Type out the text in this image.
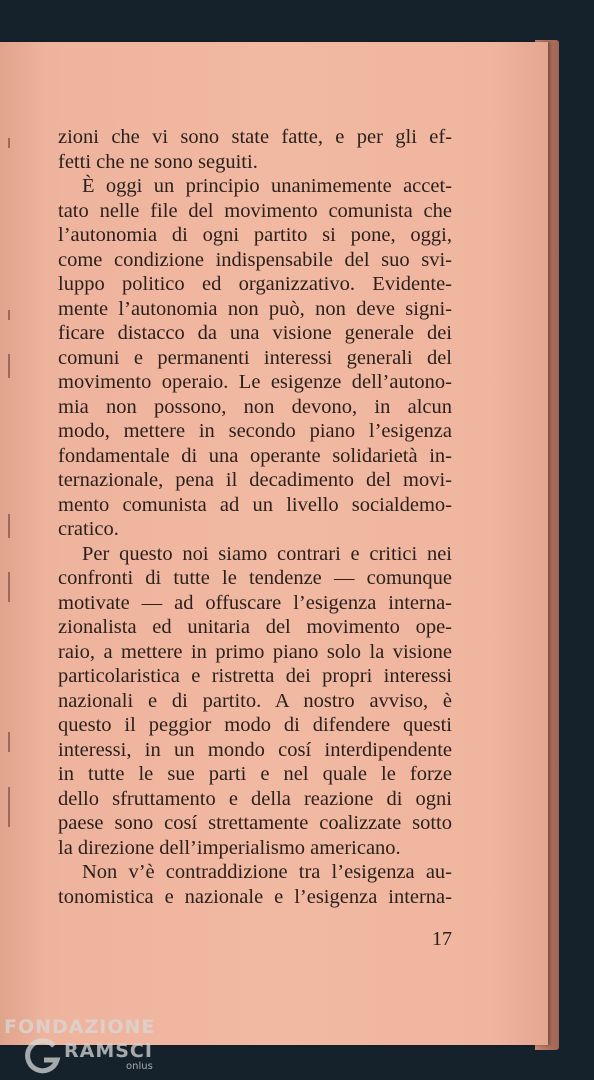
zioni che vi sono state fatte, e per gli ef-
fetti che ne sono seguiti.
È oggi un principio unanimemente accet-
tato nelle file del movimento comunista che
l’autonomia di ogni partito si pone, oggi,
come condizione indispensabile del suo svi-
luppo politico ed organizzativo. Evidente-
mente l’autonomia non può, non deve signi-
ficare distacco da una visione generale dei
comuni e permanenti interessi generali del
movimento operaio. Le esigenze dell’autono-
mia non possono, non devono, in alcun
modo, mettere in secondo piano l’esigenza
fondamentale di una operante solidarietà in-
ternazionale, pena il decadimento del movi-
mento comunista ad un livello socialdemo-
cratico.
Per questo noi siamo contrari e critici nei
confronti di tutte le tendenze — comunque
motivate — ad offuscare l’esigenza interna-
zionalista ed unitaria del movimento ope-
raio, a mettere in primo piano solo la visione
particolaristica e ristretta dei propri interessi
nazionali e di partito. A nostro avviso, è
questo il peggior modo di difendere questi
interessi, in un mondo cosí interdipendente
in tutte le sue parti e nel quale le forze
dello sfruttamento e della reazione di ogni
paese sono cosí strettamente coalizzate sotto
la direzione dell’imperialismo americano.
Non v’è contraddizione tra l’esigenza au-
tonomistica e nazionale e l’esigenza interna-
17
FONDAZIONE
RAMSCI
onlus
